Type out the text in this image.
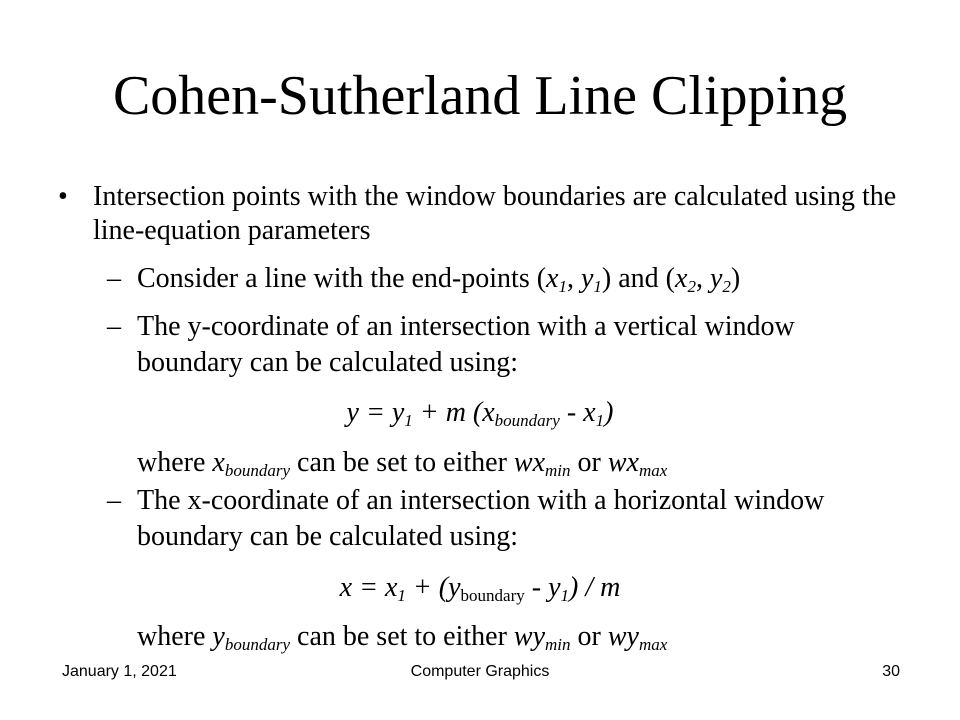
Cohen-Sutherland Line Clipping
• Intersection points with the window boundaries are calculated using the line-equation parameters
– Consider a line with the end-points ($x_1$, $y_1$) and ($x_2$, $y_2$)
– The y-coordinate of an intersection with a vertical window boundary can be calculated using:
$y = y_1 + m$ $(x_{boundary} - x_1)$
where $x_{boundary}$ can be set to either $wx_{min}$ or $wx_{max}$
– The x-coordinate of an intersection with a horizontal window boundary can be calculated using:
$x = x_1 + (y_{boundary} - y_1) / m$
where $y_{boundary}$ can be set to either $wy_{min}$ or $wy_{max}$
January 1, 2021	Computer Graphics	30
